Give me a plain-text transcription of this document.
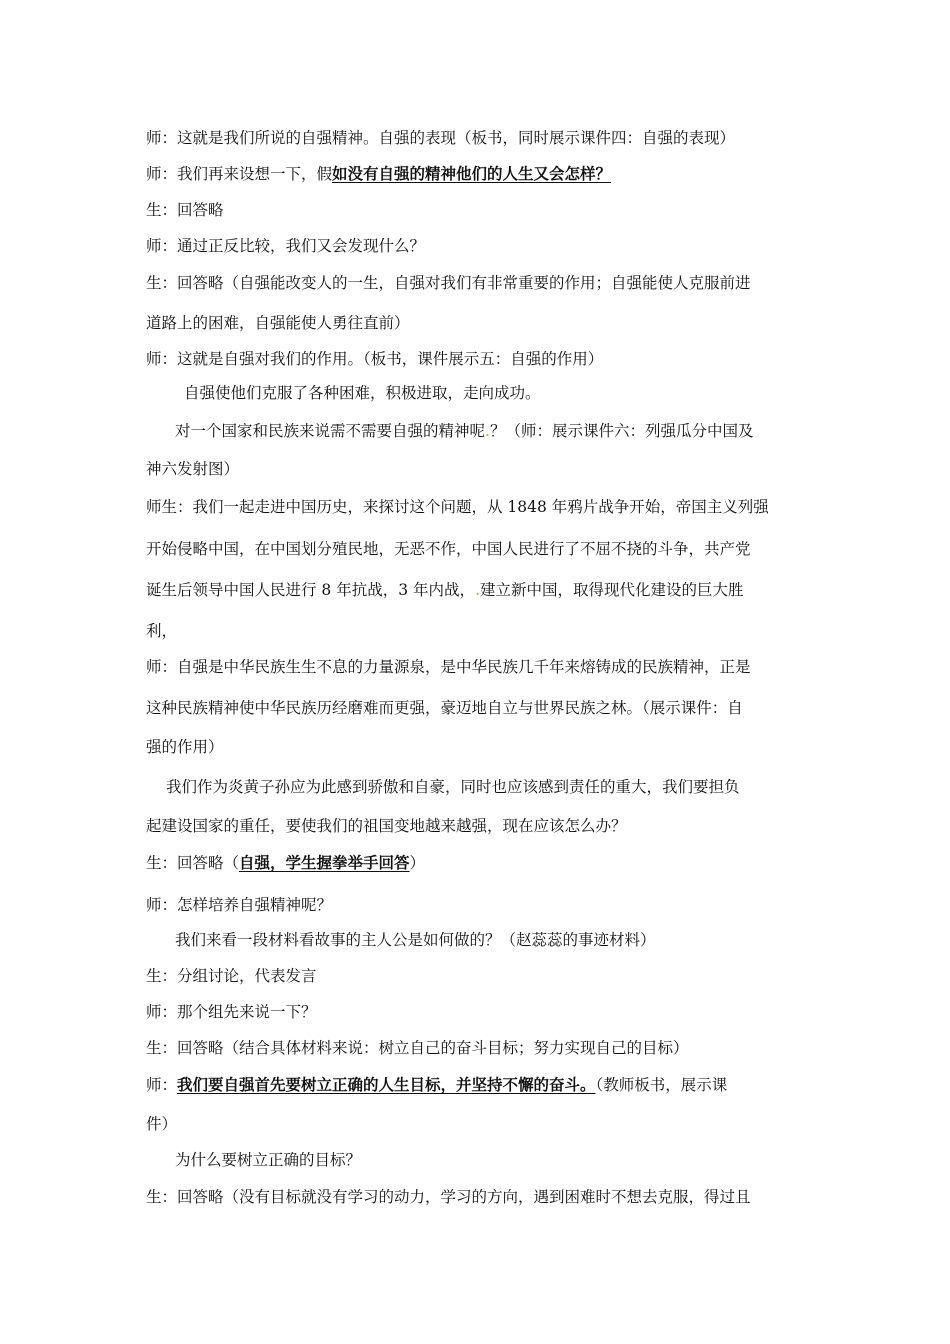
师：这就是我们所说的自强精神。自强的表现（板书，同时展示课件四：自强的表现）
师：我们再来设想一下，假如没有自强的精神他们的人生又会怎样？
生：回答略
师：通过正反比较，我们又会发现什么？
生：回答略（自强能改变人的一生，自强对我们有非常重要的作用；自强能使人克服前进
道路上的困难，自强能使人勇往直前）
师：这就是自强对我们的作用。（板书，课件展示五：自强的作用）
自强使他们克服了各种困难，积极进取，走向成功。
对一个国家和民族来说需不需要自强的精神呢.？（师：展示课件六：列强瓜分中国及
神六发射图）
师生：我们一起走进中国历史，来探讨这个问题，从 1848 年鸦片战争开始，帝国主义列强
开始侵略中国，在中国划分殖民地，无恶不作，中国人民进行了不屈不挠的斗争，共产党
诞生后领导中国人民进行 8 年抗战，3 年内战，.建立新中国，取得现代化建设的巨大胜
利，
师：自强是中华民族生生不息的力量源泉，是中华民族几千年来熔铸成的民族精神，正是
这种民族精神使中华民族历经磨难而更强，豪迈地自立与世界民族之林。（展示课件：自
强的作用）
我们作为炎黄子孙应为此感到骄傲和自豪，同时也应该感到责任的重大，我们要担负
起建设国家的重任，要使我们的祖国变地越来越强，现在应该怎么办？
生：回答略（自强，学生握拳举手回答）
师：怎样培养自强精神呢？
我们来看一段材料看故事的主人公是如何做的？（赵蕊蕊的事迹材料）
生：分组讨论，代表发言
师：那个组先来说一下？
生：回答略（结合具体材料来说：树立自己的奋斗目标；努力实现自己的目标）
师：我们要自强首先要树立正确的人生目标，并坚持不懈的奋斗。（教师板书，展示课
件）
为什么要树立正确的目标？
生：回答略（没有目标就没有学习的动力，学习的方向，遇到困难时不想去克服，得过且
